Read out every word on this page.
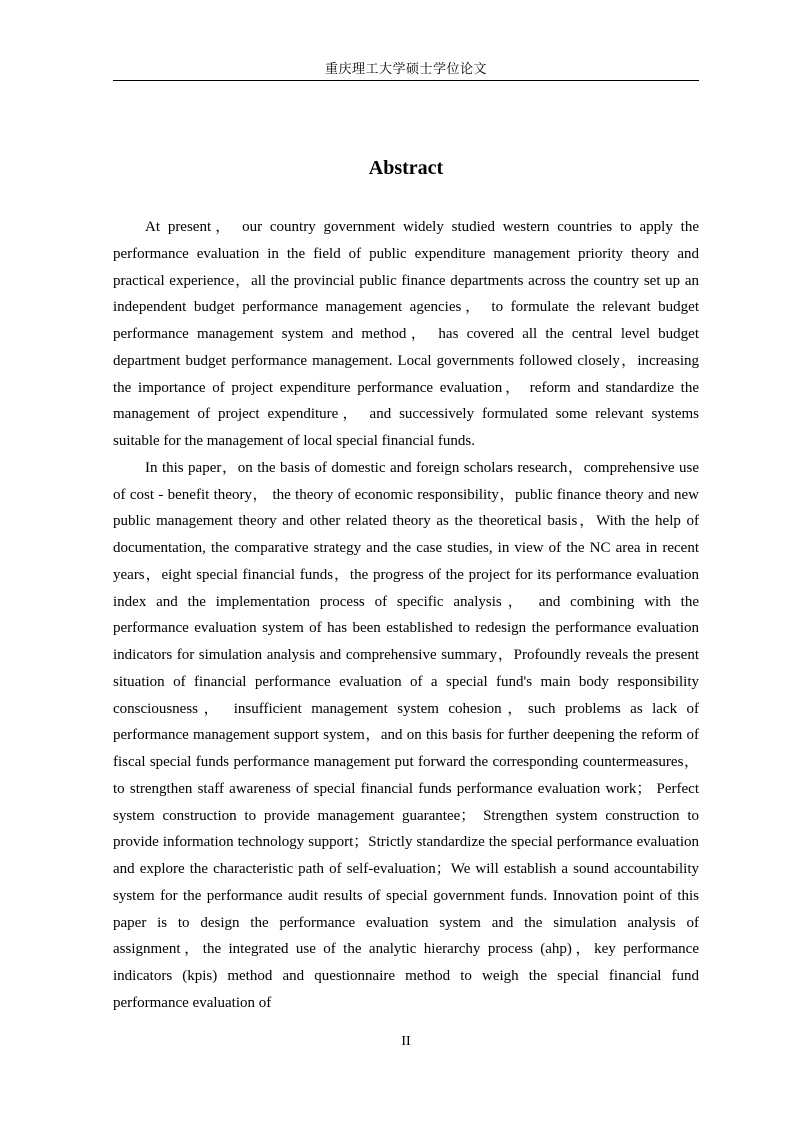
重庆理工大学硕士学位论文
Abstract

At present， our country government widely studied western countries to apply the performance evaluation in the field of public expenditure management priority theory and practical experience，all the provincial public finance departments across the country set up an independent budget performance management agencies， to formulate the relevant budget performance management system and method， has covered all the central level budget department budget performance management. Local governments followed closely，increasing the importance of project expenditure performance evaluation， reform and standardize the management of project expenditure， and successively formulated some relevant systems suitable for the management of local special financial funds.

In this paper，on the basis of domestic and foreign scholars research，comprehensive use of cost - benefit theory， the theory of economic responsibility，public finance theory and new public management theory and other related theory as the theoretical basis，With the help of documentation, the comparative strategy and the case studies, in view of the NC area in recent years，eight special financial funds，the progress of the project for its performance evaluation index and the implementation process of specific analysis， and combining with the performance evaluation system of has been established to redesign the performance evaluation indicators for simulation analysis and comprehensive summary，Profoundly reveals the present situation of financial performance evaluation of a special fund's main body responsibility consciousness， insufficient management system cohesion，such problems as lack of performance management support system，and on this basis for further deepening the reform of fiscal special funds performance management put forward the corresponding countermeasures，to strengthen staff awareness of special financial funds performance evaluation work； Perfect system construction to provide management guarantee； Strengthen system construction to provide information technology support；Strictly standardize the special performance evaluation and explore the characteristic path of self-evaluation；We will establish a sound accountability system for the performance audit results of special government funds. Innovation point of this paper is to design the performance evaluation system and the simulation analysis of assignment，the integrated use of the analytic hierarchy process (ahp)，key performance indicators (kpis) method and questionnaire method to weigh the special financial fund performance evaluation of

II
